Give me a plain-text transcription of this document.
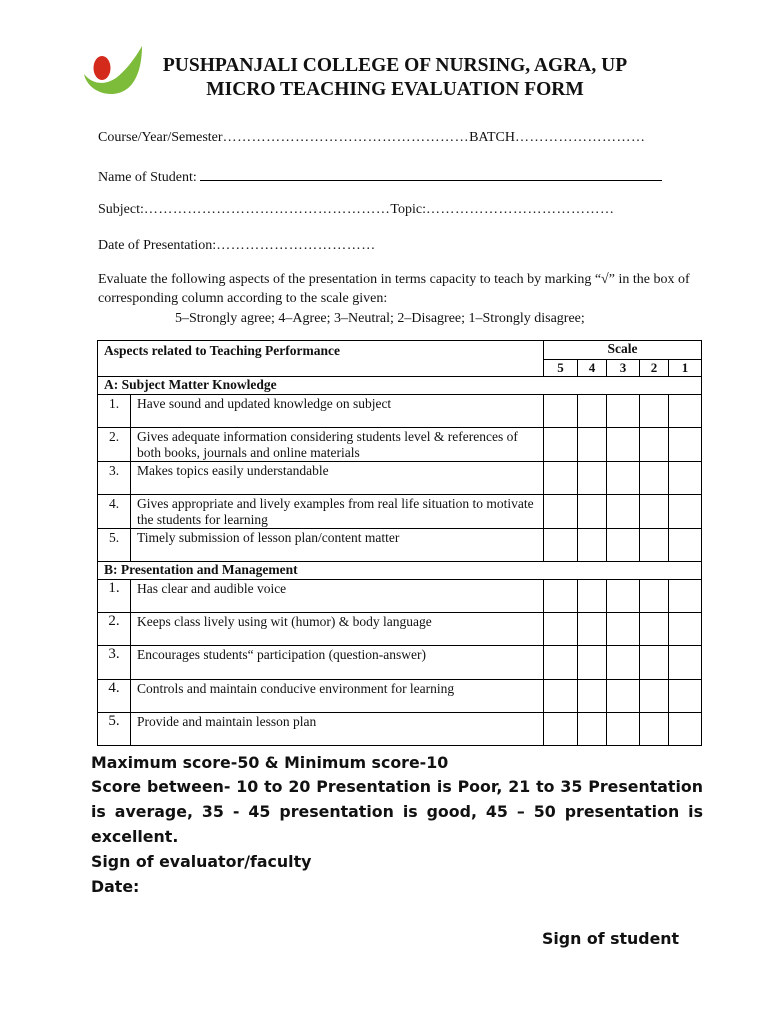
PUSHPANJALI COLLEGE OF NURSING, AGRA, UP
MICRO TEACHING EVALUATION FORM
Course/Year/Semester……………………………………………BATCH………………………
Name of Student:
Subject:……………………………………………Topic:…………………………………
Date of Presentation:……………………………
Evaluate the following aspects of the presentation in terms capacity to teach by marking “√” in the box of corresponding column according to the scale given:
5–Strongly agree; 4–Agree; 3–Neutral; 2–Disagree; 1–Strongly disagree;
Aspects related to Teaching Performance		Scale				
		5	4	3	2	1
A: Subject Matter Knowledge						
1.	Have sound and updated knowledge on subject					
2.	Gives adequate information considering students level & references of both books, journals and online materials					
3.	Makes topics easily understandable					
4.	Gives appropriate and lively examples from real life situation to motivate the students for learning					
5.	Timely submission of lesson plan/content matter					
B: Presentation and Management						
1.	Has clear and audible voice					
2.	Keeps class lively using wit (humor) & body language					
3.	Encourages students“ participation (question-answer)					
4.	Controls and maintain conducive environment for learning					
5.	Provide and maintain lesson plan					
Maximum score-50 & Minimum score-10
Score between- 10 to 20 Presentation is Poor, 21 to 35 Presentation is average, 35 - 45 presentation is good, 45 – 50 presentation is excellent.
Sign of evaluator/faculty
Date:
Sign of student
